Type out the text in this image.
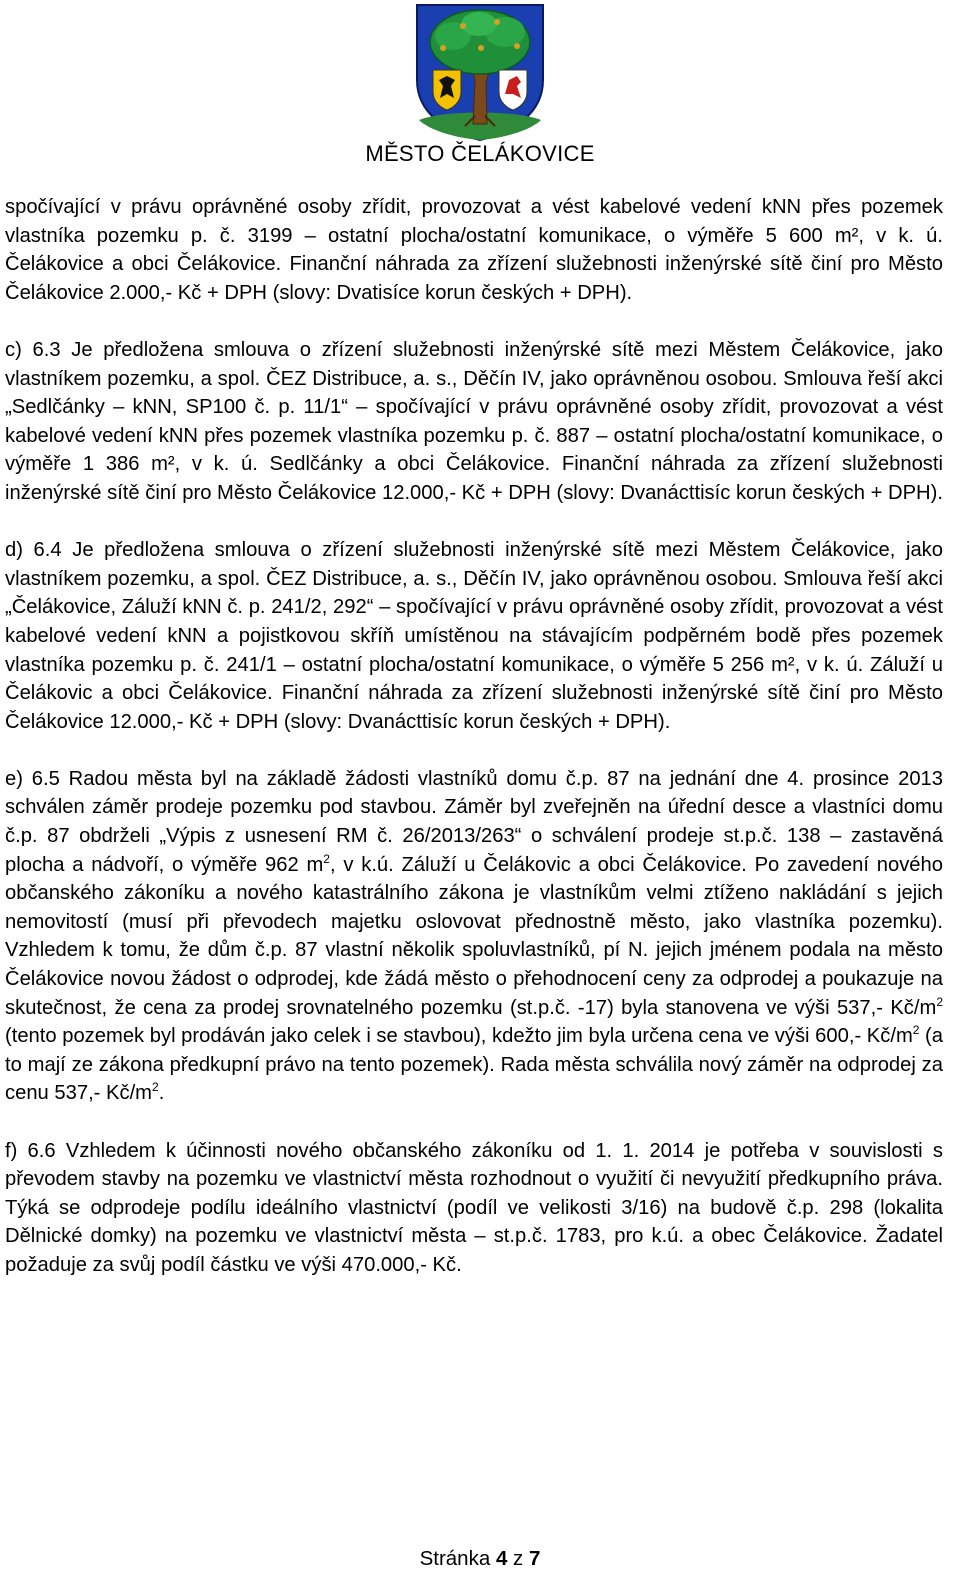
MĚSTO ČELÁKOVICE

spočívající v právu oprávněné osoby zřídit, provozovat a vést kabelové vedení kNN přes pozemek vlastníka pozemku p. č. 3199 – ostatní plocha/ostatní komunikace, o výměře 5 600 m², v k. ú. Čelákovice a obci Čelákovice. Finanční náhrada za zřízení služebnosti inženýrské sítě činí pro Město Čelákovice 2.000,- Kč + DPH (slovy: Dvatisíce korun českých + DPH).

c) 6.3 Je předložena smlouva o zřízení služebnosti inženýrské sítě mezi Městem Čelákovice, jako vlastníkem pozemku, a spol. ČEZ Distribuce, a. s., Děčín IV, jako oprávněnou osobou. Smlouva řeší akci „Sedlčánky – kNN, SP100 č. p. 11/1“ – spočívající v právu oprávněné osoby zřídit, provozovat a vést kabelové vedení kNN přes pozemek vlastníka pozemku p. č. 887 – ostatní plocha/ostatní komunikace, o výměře 1 386 m², v k. ú. Sedlčánky a obci Čelákovice. Finanční náhrada za zřízení služebnosti inženýrské sítě činí pro Město Čelákovice 12.000,- Kč + DPH (slovy: Dvanácttisíc korun českých + DPH).

d) 6.4 Je předložena smlouva o zřízení služebnosti inženýrské sítě mezi Městem Čelákovice, jako vlastníkem pozemku, a spol. ČEZ Distribuce, a. s., Děčín IV, jako oprávněnou osobou. Smlouva řeší akci „Čelákovice, Záluží kNN č. p. 241/2, 292“ – spočívající v právu oprávněné osoby zřídit, provozovat a vést kabelové vedení kNN a pojistkovou skříň umístěnou na stávajícím podpěrném bodě přes pozemek vlastníka pozemku p. č. 241/1 – ostatní plocha/ostatní komunikace, o výměře 5 256 m², v k. ú. Záluží u Čelákovic a obci Čelákovice. Finanční náhrada za zřízení služebnosti inženýrské sítě činí pro Město Čelákovice 12.000,- Kč + DPH (slovy: Dvanácttisíc korun českých + DPH).

e) 6.5 Radou města byl na základě žádosti vlastníků domu č.p. 87 na jednání dne 4. prosince 2013 schválen záměr prodeje pozemku pod stavbou. Záměr byl zveřejněn na úřední desce a vlastníci domu č.p. 87 obdrželi „Výpis z usnesení RM č. 26/2013/263“ o schválení prodeje st.p.č. 138 – zastavěná plocha a nádvoří, o výměře 962 $m^2$, v k.ú. Záluží u Čelákovic a obci Čelákovice. Po zavedení nového občanského zákoníku a nového katastrálního zákona je vlastníkům velmi ztíženo nakládání s jejich nemovitostí (musí při převodech majetku oslovovat přednostně město, jako vlastníka pozemku). Vzhledem k tomu, že dům č.p. 87 vlastní několik spoluvlastníků, pí N. jejich jménem podala na město Čelákovice novou žádost o odprodej, kde žádá město o přehodnocení ceny za odprodej a poukazuje na skutečnost, že cena za prodej srovnatelného pozemku (st.p.č. -17) byla stanovena ve výši 537,- $Kč/m^2$ (tento pozemek byl prodáván jako celek i se stavbou), kdežto jim byla určena cena ve výši 600,- $Kč/m^2$ (a to mají ze zákona předkupní právo na tento pozemek). Rada města schválila nový záměr na odprodej za cenu 537,- $Kč/m^2$.

f) 6.6 Vzhledem k účinnosti nového občanského zákoníku od 1. 1. 2014 je potřeba v souvislosti s převodem stavby na pozemku ve vlastnictví města rozhodnout o využití či nevyužití předkupního práva. Týká se odprodeje podílu ideálního vlastnictví (podíl ve velikosti 3/16) na budově č.p. 298 (lokalita Dělnické domky) na pozemku ve vlastnictví města – st.p.č. 1783, pro k.ú. a obec Čelákovice. Žadatel požaduje za svůj podíl částku ve výši 470.000,- Kč.

Stránka 4 z 7
